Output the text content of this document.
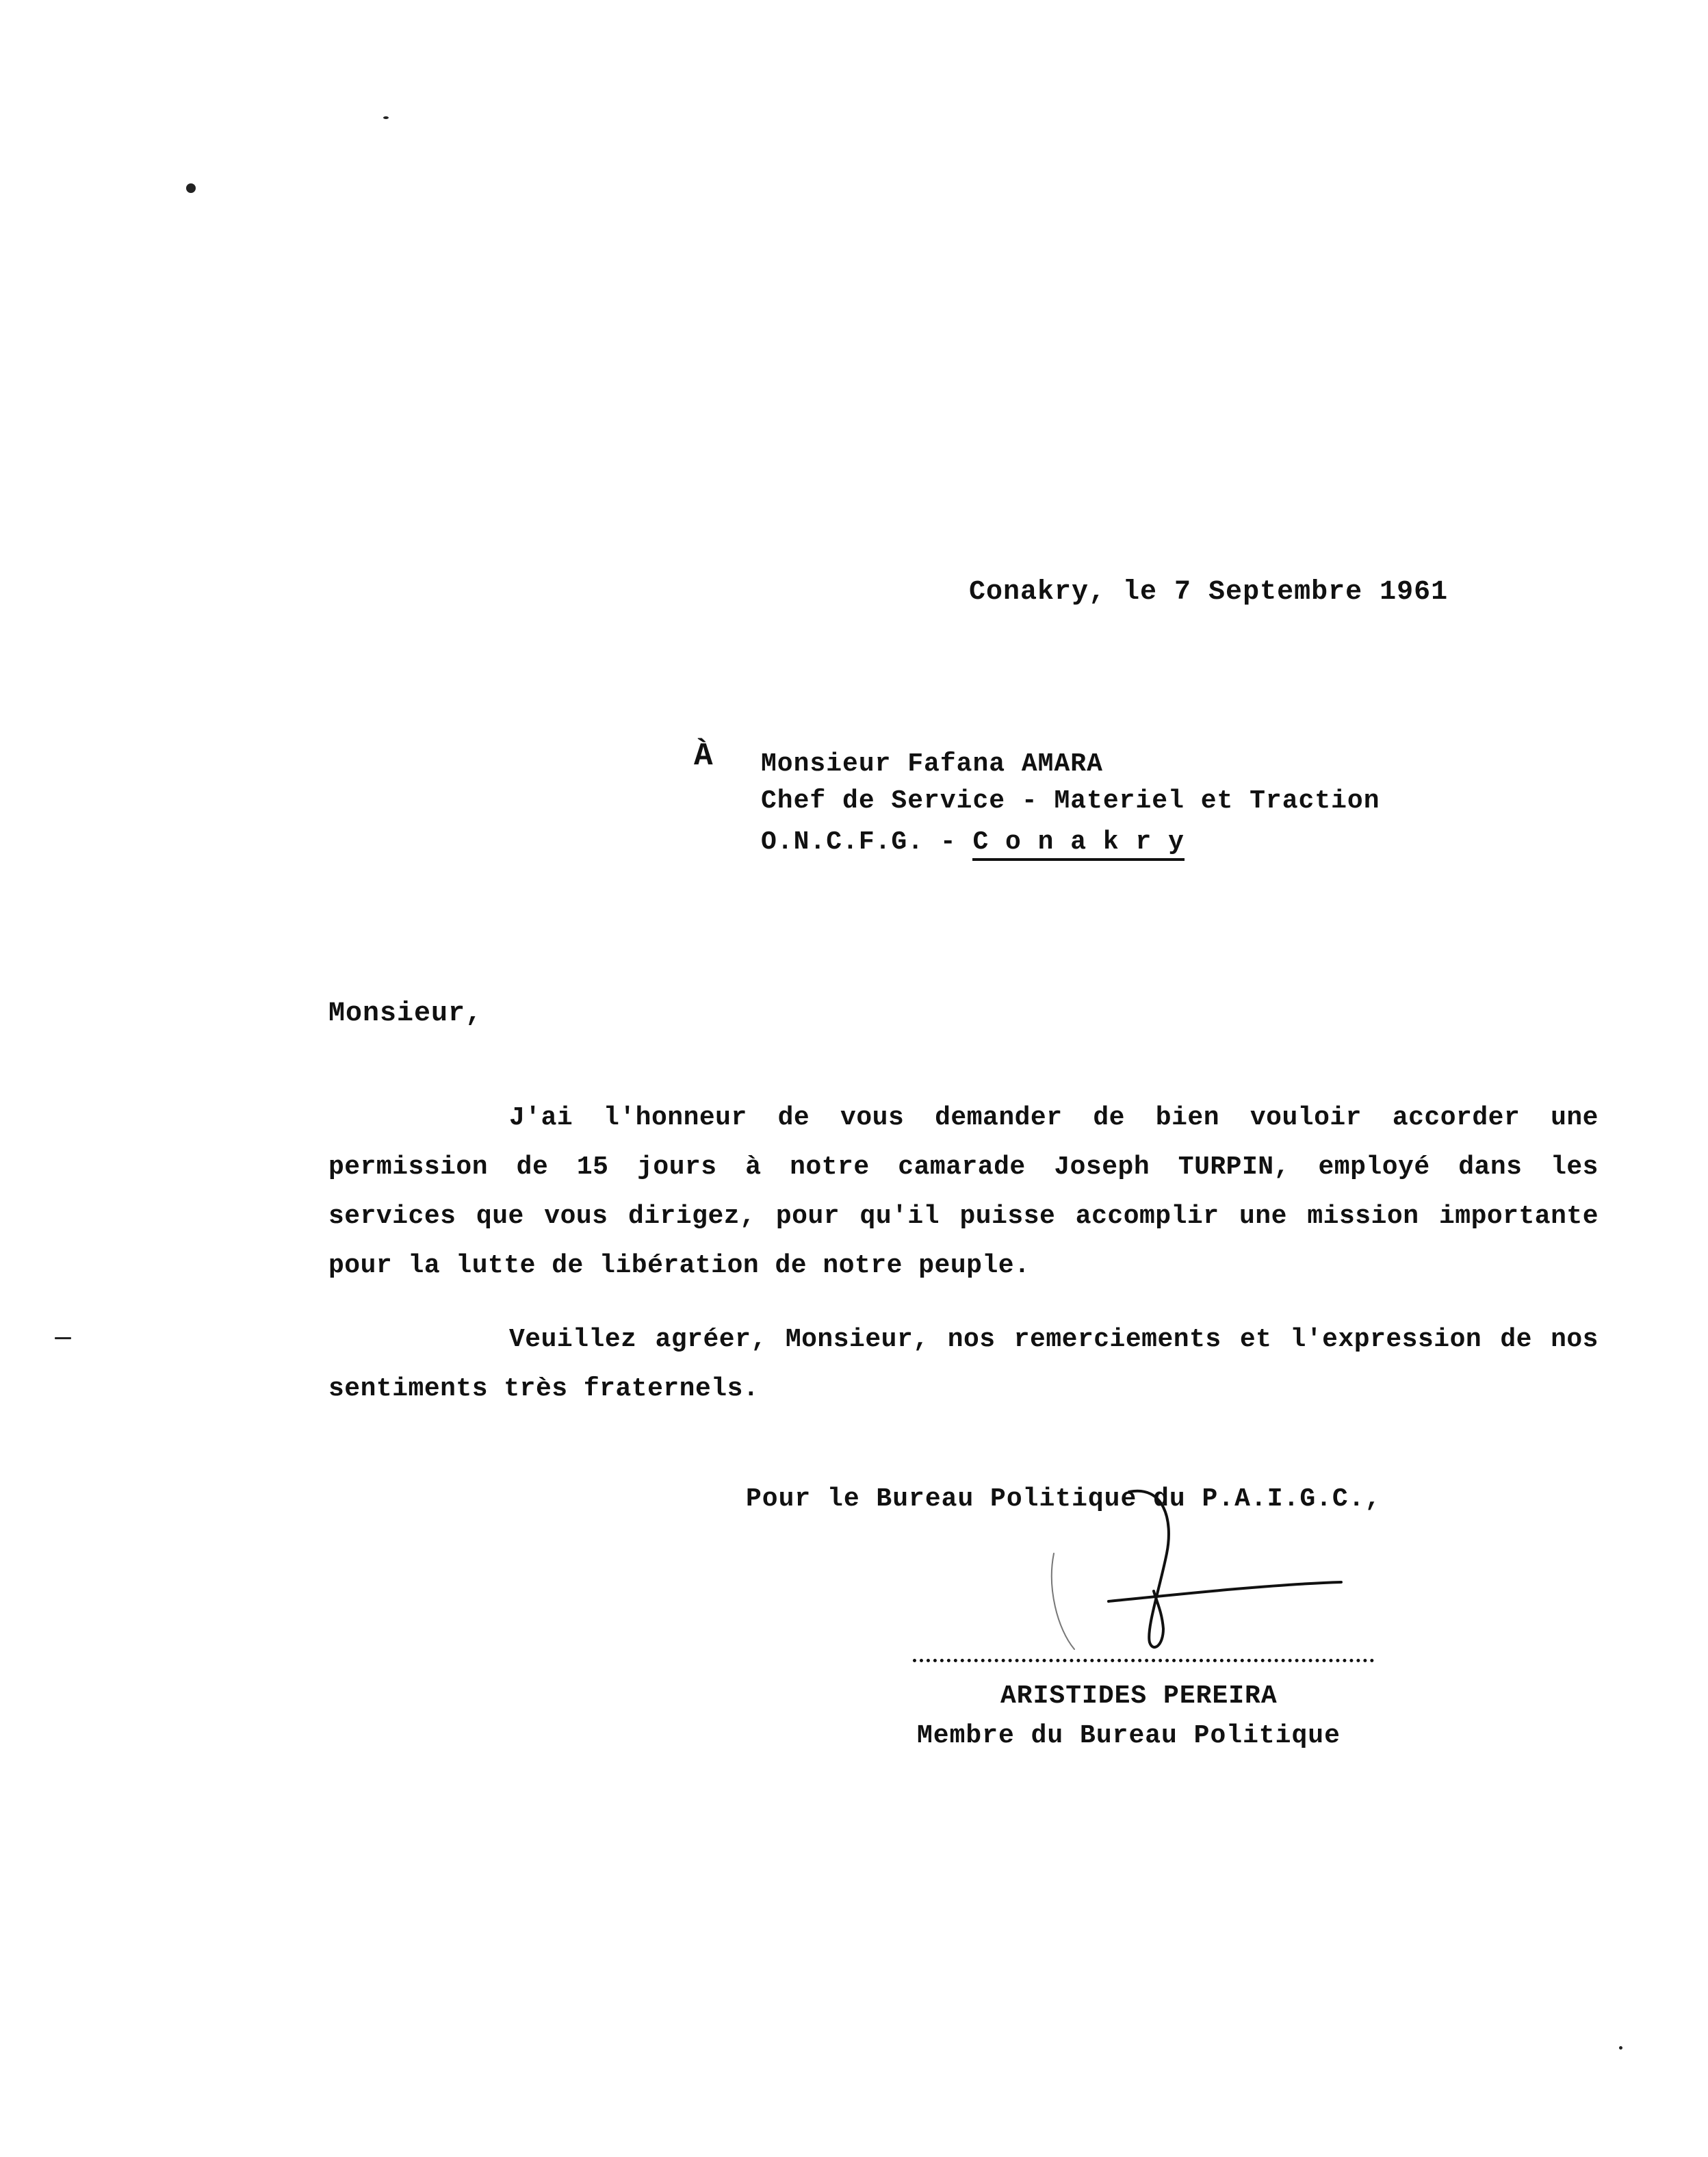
Conakry, le 7 Septembre 1961
À Monsieur Fafana AMARA
Chef de Service - Materiel et Traction
O.N.C.F.G. - C o n a k r y
Monsieur,
J'ai l'honneur de vous demander de bien vouloir accorder une permission de 15 jours à notre camarade Joseph TURPIN, employé dans les services que vous dirigez, pour qu'il puisse accomplir une mission importante pour la lutte de libération de notre peuple.
Veuillez agréer, Monsieur, nos remerciements et l'expression de nos sentiments très fraternels.
Pour le Bureau Politique du P.A.I.G.C.,
ARISTIDES PEREIRA
Membre du Bureau Politique
